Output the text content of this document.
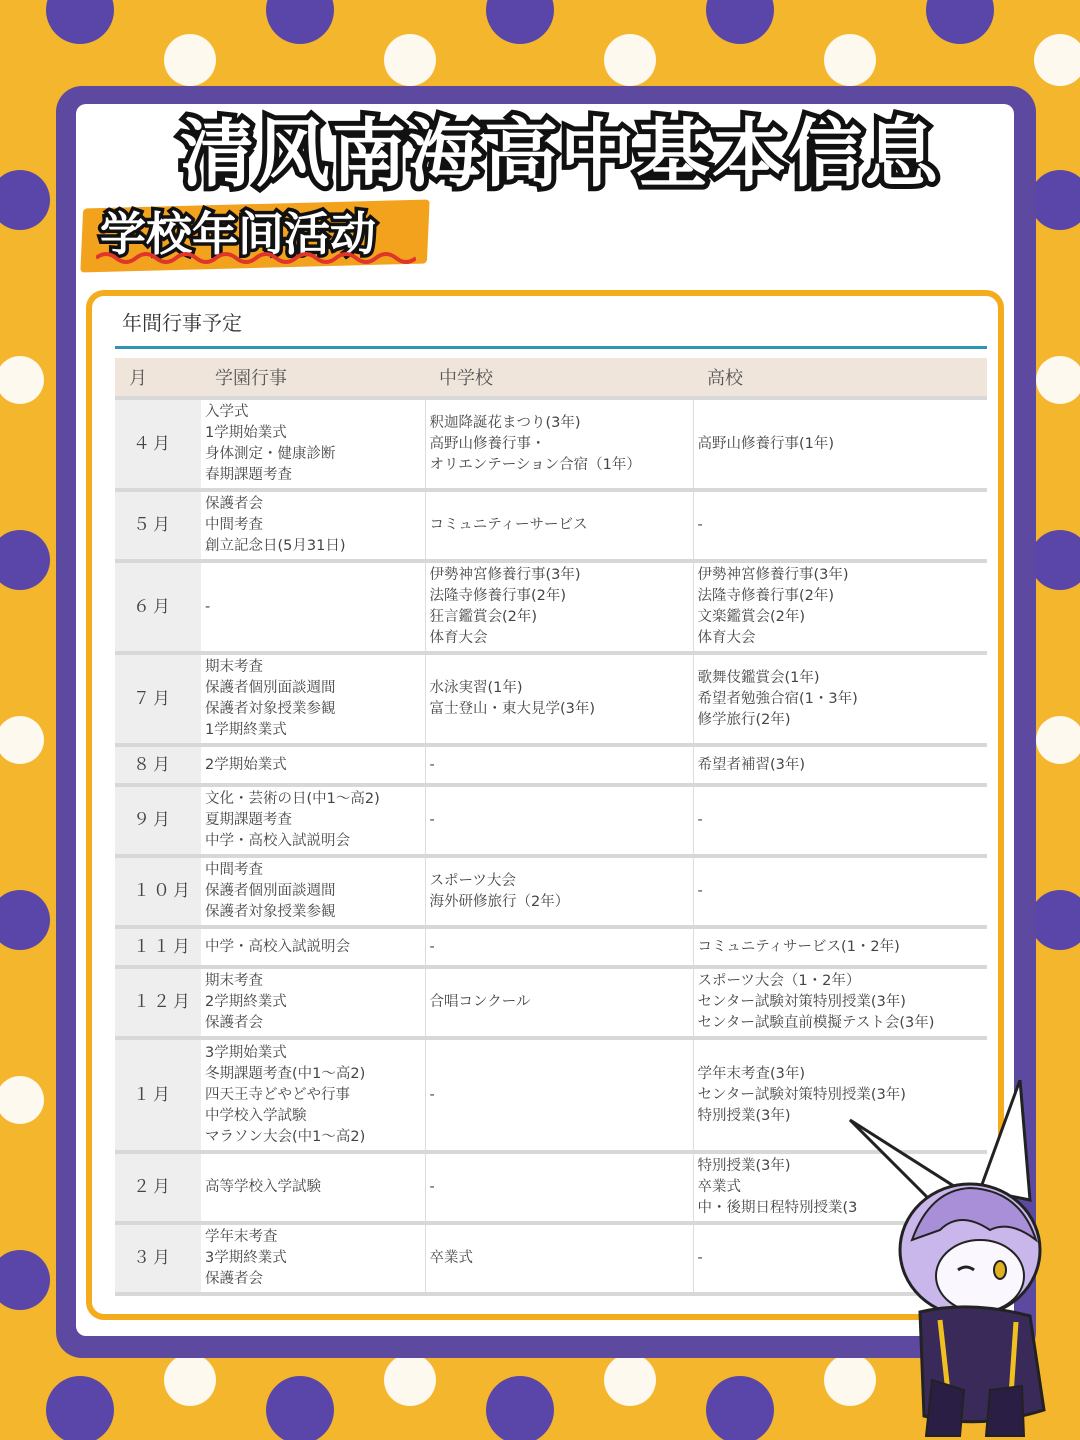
清风南海高中基本信息
学校年间活动
年間行事予定
月	学園行事	中学校	高校
４月	入学式
1学期始業式
身体測定・健康診断
春期課題考査	釈迦降誕花まつり(3年)
高野山修養行事・
オリエンテーション合宿（1年）	高野山修養行事(1年)

５月	保護者会
中間考査
創立記念日(5月31日)	コミュニティーサービス	-

６月	-	伊勢神宮修養行事(3年)
法隆寺修養行事(2年)
狂言鑑賞会(2年)
体育大会	伊勢神宮修養行事(3年)
法隆寺修養行事(2年)
文楽鑑賞会(2年)
体育大会

７月	期末考査
保護者個別面談週間
保護者対象授業参観
1学期終業式	水泳実習(1年)
富士登山・東大見学(3年)	歌舞伎鑑賞会(1年)
希望者勉強合宿(1・3年)
修学旅行(2年)

８月	2学期始業式	-	希望者補習(3年)

９月	文化・芸術の日(中1～高2)
夏期課題考査
中学・高校入試説明会	-	-

１０月	中間考査
保護者個別面談週間
保護者対象授業参観	スポーツ大会
海外研修旅行（2年）	-

１１月	中学・高校入試説明会	-	コミュニティサービス(1・2年)

１２月	期末考査
2学期終業式
保護者会	合唱コンクール	スポーツ大会（1・2年）
センター試験対策特別授業(3年)
センター試験直前模擬テスト会(3年)

１月	3学期始業式
冬期課題考査(中1～高2)
四天王寺どやどや行事
中学校入学試験
マラソン大会(中1～高2)	-	学年末考査(3年)
センター試験対策特別授業(3年)
特別授業(3年)

２月	高等学校入学試験	-	特別授業(3年)
卒業式
中・後期日程特別授業(3

３月	学年末考査
3学期終業式
保護者会	卒業式	-
